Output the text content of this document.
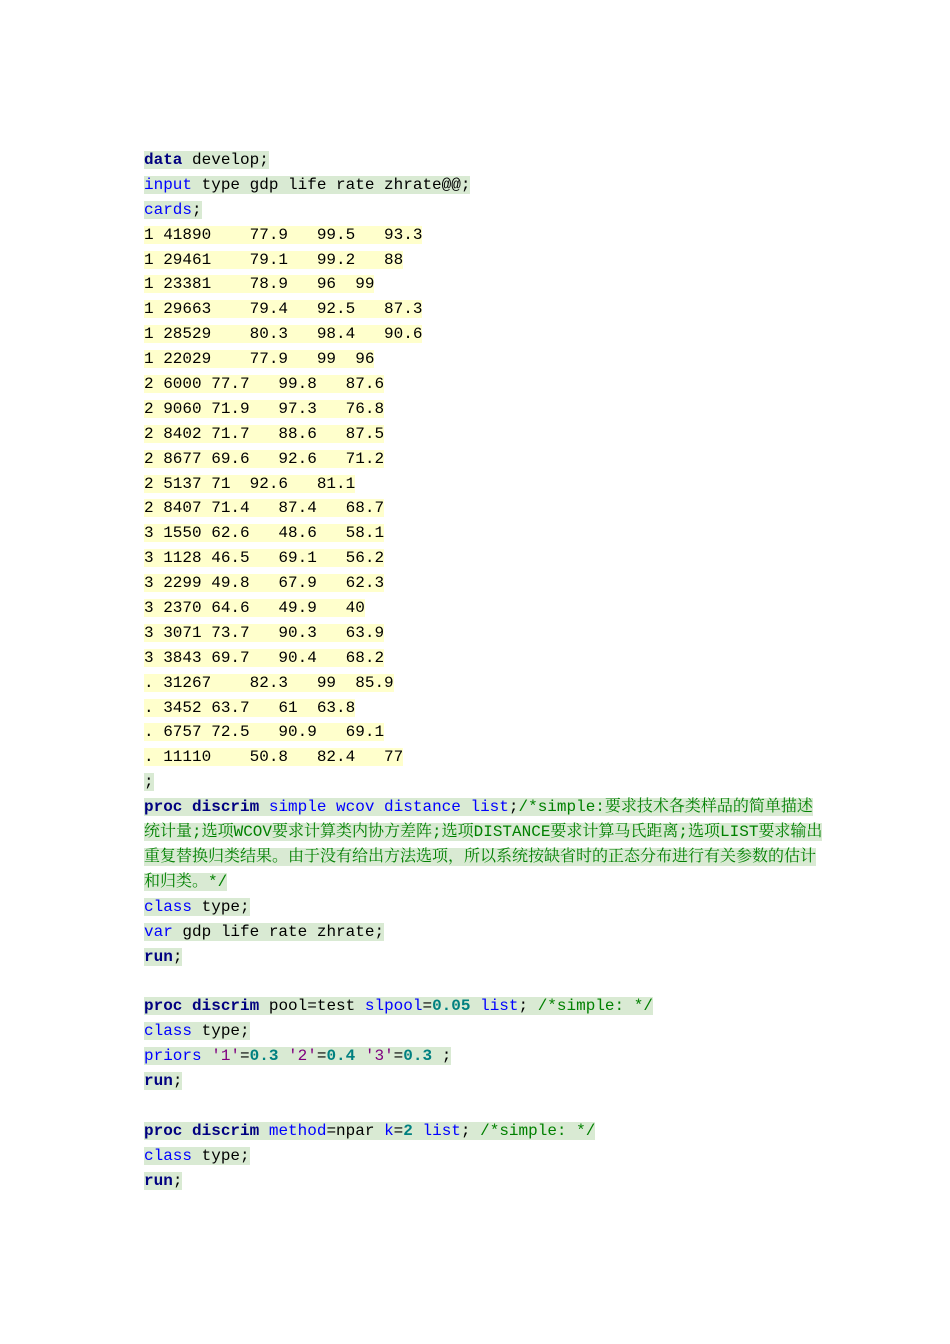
data develop;
input type gdp life rate zhrate@@;
cards;
1 41890    77.9   99.5   93.3
1 29461    79.1   99.2   88
1 23381    78.9   96  99
1 29663    79.4   92.5   87.3
1 28529    80.3   98.4   90.6
1 22029    77.9   99  96
2 6000 77.7   99.8   87.6
2 9060 71.9   97.3   76.8
2 8402 71.7   88.6   87.5
2 8677 69.6   92.6   71.2
2 5137 71  92.6   81.1
2 8407 71.4   87.4   68.7
3 1550 62.6   48.6   58.1
3 1128 46.5   69.1   56.2
3 2299 49.8   67.9   62.3
3 2370 64.6   49.9   40
3 3071 73.7   90.3   63.9
3 3843 69.7   90.4   68.2
. 31267    82.3   99  85.9
. 3452 63.7   61  63.8
. 6757 72.5   90.9   69.1
. 11110    50.8   82.4   77
;
proc discrim simple wcov distance list;/*simple:要求技术各类样品的简单描述统计量;选项WCOV要求计算类内协方差阵;选项DISTANCE要求计算马氏距离;选项LIST要求输出重复替换归类结果。由于没有给出方法选项，所以系统按缺省时的正态分布进行有关参数的估计和归类。*/
class type;
var gdp life rate zhrate;
run;
proc discrim pool=test slpool=0.05 list; /*simple: */
class type;
priors '1'=0.3 '2'=0.4 '3'=0.3 ;
run;
proc discrim method=npar k=2 list; /*simple: */
class type;
run;
